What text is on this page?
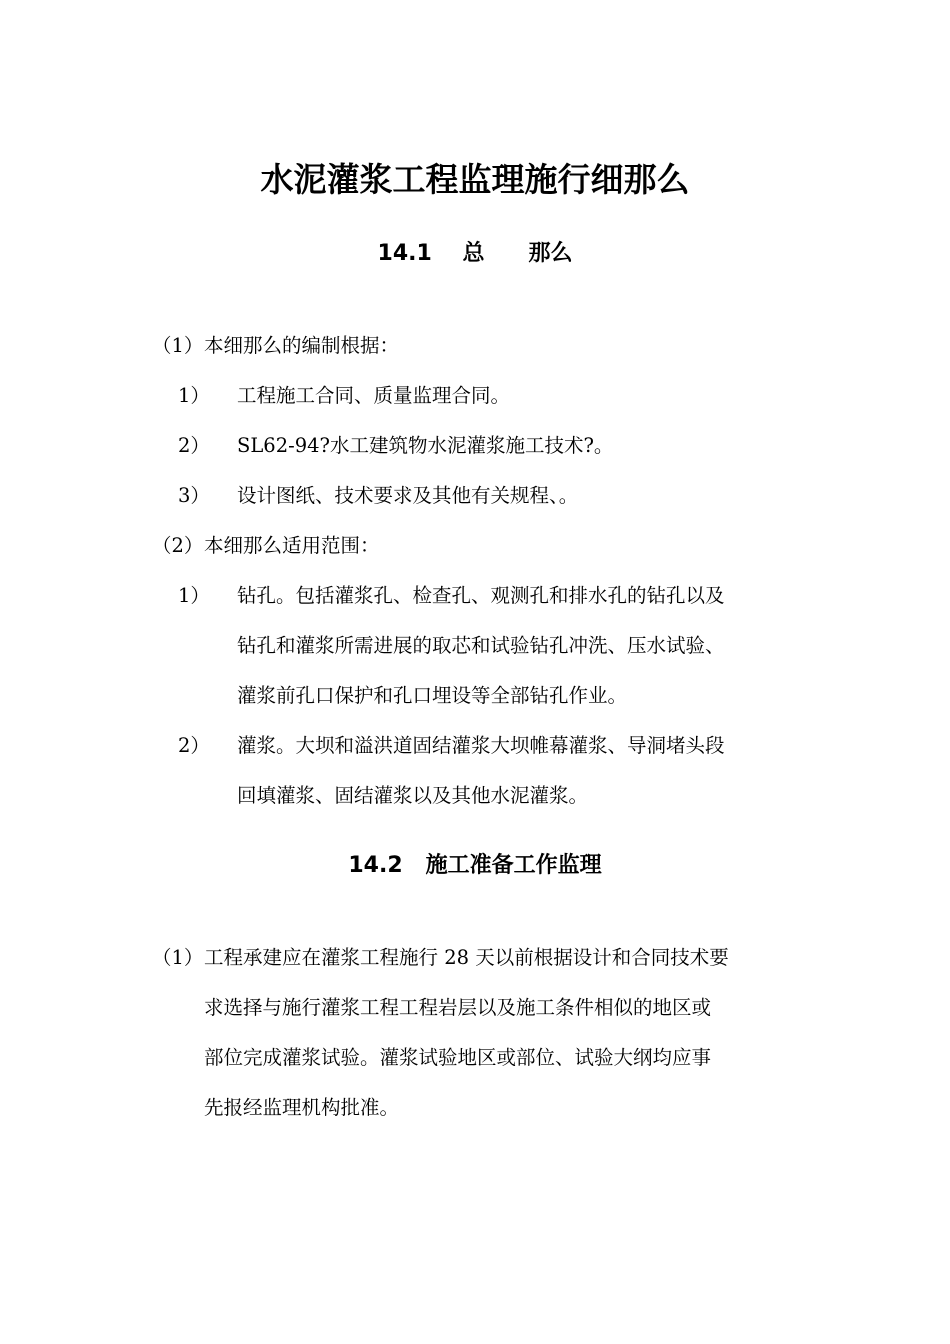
水泥灌浆工程监理施行细那么
14.1 总　　那么
（1） 本细那么的编制根据：
1） 工程施工合同、质量监理合同。
2） SL62-94?水工建筑物水泥灌浆施工技术?。
3） 设计图纸、技术要求及其他有关规程、。
（2） 本细那么适用范围：
1） 钻孔。包括灌浆孔、检查孔、观测孔和排水孔的钻孔以及
钻孔和灌浆所需进展的取芯和试验钻孔冲洗、压水试验、
灌浆前孔口保护和孔口埋设等全部钻孔作业。
2） 灌浆。大坝和溢洪道固结灌浆大坝帷幕灌浆、导洞堵头段
回填灌浆、固结灌浆以及其他水泥灌浆。
14.2 施工准备工作监理
（1） 工程承建应在灌浆工程施行 28 天以前根据设计和合同技术要
求选择与施行灌浆工程工程岩层以及施工条件相似的地区或
部位完成灌浆试验。灌浆试验地区或部位、试验大纲均应事
先报经监理机构批准。
